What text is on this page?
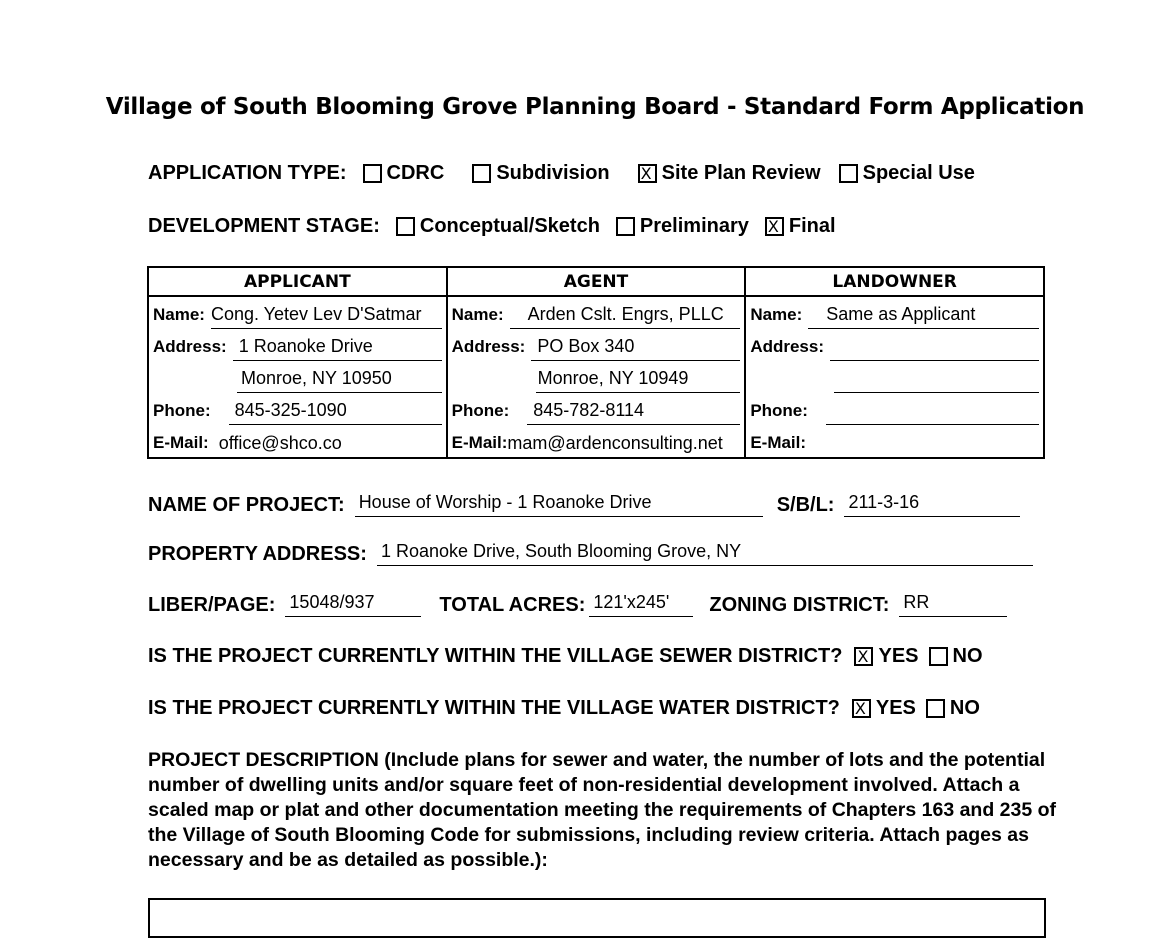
Village of South Blooming Grove Planning Board - Standard Form Application
APPLICATION TYPE: CDRC	Subdivision X	Site Plan Review Special Use
DEVELOPMENT STAGE: Conceptual/Sketch Preliminary X Final
APPLICANT	AGENT	LANDOWNER

Name: Cong. Yetev Lev D'Satmar	Name: Arden Cslt. Engrs, PLLC	Name: Same as Applicant

Address: 1 Roanoke Drive	Address: PO Box 340	Address:

Monroe, NY 10950	Monroe, NY 10949	

Phone: 845-325-1090	Phone: 845-782-8114	Phone:

E-Mail: office@shco.co	E-Mail: mam@ardenconsulting.net	E-Mail:
NAME OF PROJECT: House of Worship - 1 Roanoke Drive	S/B/L: 211-3-16
PROPERTY ADDRESS: 1 Roanoke Drive, South Blooming Grove, NY
LIBER/PAGE: 15048/937	TOTAL ACRES: 121'x245'	ZONING DISTRICT: RR
IS THE PROJECT CURRENTLY WITHIN THE VILLAGE SEWER DISTRICT? X YES NO
IS THE PROJECT CURRENTLY WITHIN THE VILLAGE WATER DISTRICT? X YES NO
PROJECT DESCRIPTION (Include plans for sewer and water, the number of lots and the potential number of dwelling units and/or square feet of non-residential development involved. Attach a scaled map or plat and other documentation meeting the requirements of Chapters 163 and 235 of the Village of South Blooming Code for submissions, including review criteria. Attach pages as necessary and be as detailed as possible.):
